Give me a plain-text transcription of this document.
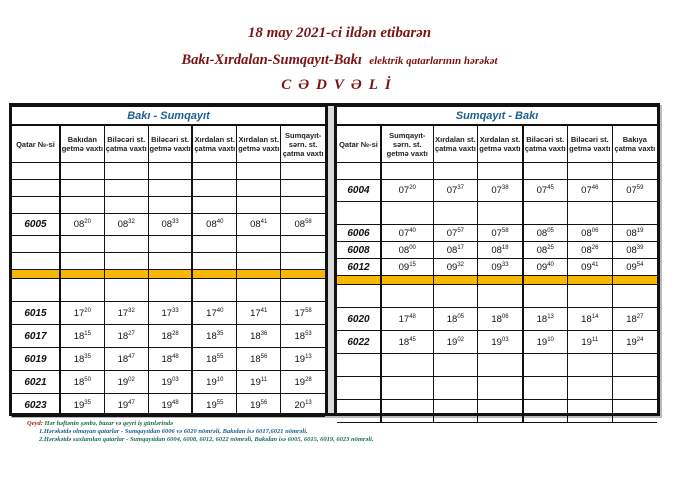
18 may 2021-ci ildən etibarən
Bakı-Xırdalan-Sumqayıt-Bakı elektrik qatarlarının hərəkət
CƏDVƏLİ
Bakı - Sumqayıt						
Qatar №-si	Bakıdan getmə vaxtı	Biləcəri st. çatma vaxtı	Biləcəri st. getmə vaxtı	Xırdalan st. çatma vaxtı	Xırdalan st. getmə vaxtı	Sumqayıt-sərn. st. çatma vaxtı

6005	$08^{20}$	$08^{32}$	$08^{33}$	$08^{40}$	$08^{41}$	$08^{58}$

6015	$17^{20}$	$17^{32}$	$17^{33}$	$17^{40}$	$17^{41}$	$17^{58}$
6017	$18^{15}$	$18^{27}$	$18^{28}$	$18^{35}$	$18^{36}$	$18^{53}$
6019	$18^{35}$	$18^{47}$	$18^{48}$	$18^{55}$	$18^{56}$	$19^{13}$
6021	$18^{50}$	$19^{02}$	$19^{03}$	$19^{10}$	$19^{11}$	$19^{28}$
6023	$19^{35}$	$19^{47}$	$19^{48}$	$19^{55}$	$19^{56}$	$20^{13}$
Sumqayıt - Bakı						
Qatar №-si	Sumqayıt-sərn. st. getmə vaxtı	Xırdalan st. çatma vaxtı	Xırdalan st. getmə vaxtı	Biləcəri st. çatma vaxtı	Biləcəri st. getmə vaxtı	Bakıya çatma vaxtı

6004	$07^{20}$	$07^{37}$	$07^{38}$	$07^{45}$	$07^{46}$	$07^{59}$

6006	$07^{40}$	$07^{57}$	$07^{58}$	$08^{05}$	$08^{06}$	$08^{19}$
6008	$08^{00}$	$08^{17}$	$08^{18}$	$08^{25}$	$08^{26}$	$08^{39}$
6012	$09^{15}$	$09^{32}$	$09^{33}$	$09^{40}$	$09^{41}$	$09^{54}$

6020	$17^{48}$	$18^{05}$	$18^{06}$	$18^{13}$	$18^{14}$	$18^{27}$
6022	$18^{45}$	$19^{02}$	$19^{03}$	$19^{10}$	$19^{11}$	$19^{24}$

Qeyd: Hər həftənin şənbə, bazar və qeyri iş günlərində
1.Hərəkətdə olmayan qatarlar - Sumqayıtdan 6006 və 6020 nömrəli, Bakıdan isə 6017,6021 nömrəli.
2.Hərəkətdə saxlanılan qatarlar - Sumqayıtdan 6004, 6008, 6012, 6022 nömrəli, Bakıdan isə 6005, 6015, 6019, 6023 nömrəli.
